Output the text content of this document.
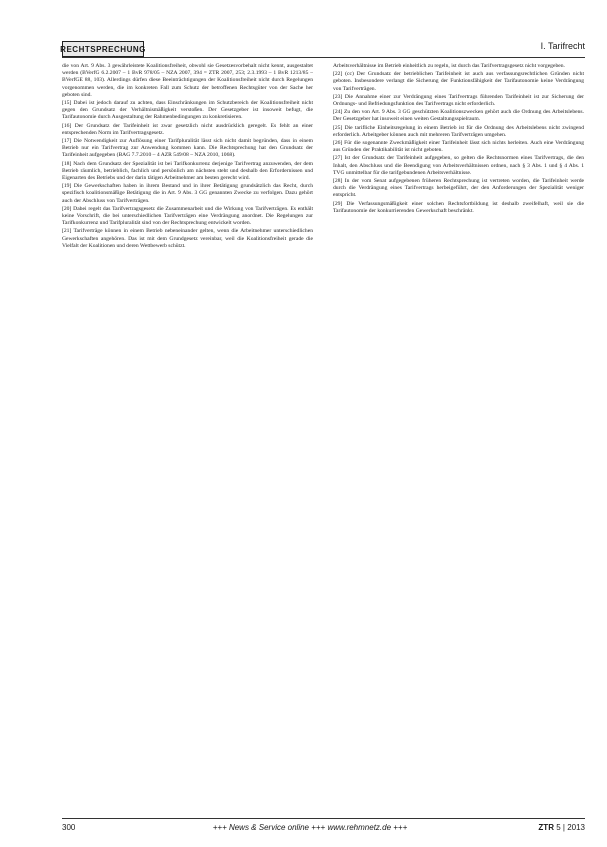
RECHTSPRECHUNG	I. Tarifrecht

die von Art. 9 Abs. 3 gewährleistete Koalitionsfreiheit, obwohl sie Gesetzesvorbehalt nicht kennt, ausgestaltet werden (BVerfG 6.2.2007 – 1 BvR 978/05 – NZA 2007, 394 = ZTR 2007, 253; 2.3.1993 – 1 BvR 1213/85 – BVerfGE 88, 103). Allerdings dürfen diese Beeinträchtigungen der Koalitionsfreiheit nicht durch Regelungen vorgenommen werden, die im konkreten Fall zum Schutz der betroffenen Rechtsgüter von der Sache her geboten sind.

[15] Dabei ist jedoch darauf zu achten, dass Einschränkungen im Schutzbereich der Koalitionsfreiheit nicht gegen den Grundsatz der Verhältnismäßigkeit verstoßen. Der Gesetzgeber ist insoweit befugt, die Tarifautonomie durch Ausgestaltung der Rahmenbedingungen zu konkretisieren.

[16] Der Grundsatz der Tarifeinheit ist zwar gesetzlich nicht ausdrücklich geregelt. Es fehlt an einer entsprechenden Norm im Tarifvertragsgesetz.

[17] Die Notwendigkeit zur Auflösung einer Tarifpluralität lässt sich nicht damit begründen, dass in einem Betrieb nur ein Tarifvertrag zur Anwendung kommen kann. Die Rechtsprechung hat den Grundsatz der Tarifeinheit aufgegeben (BAG 7.7.2010 – 4 AZR 549/08 – NZA 2010, 1068).

[18] Nach dem Grundsatz der Spezialität ist bei Tarifkonkurrenz derjenige Tarifvertrag anzuwenden, der dem Betrieb räumlich, betrieblich, fachlich und persönlich am nächsten steht und deshalb den Erfordernissen und Eigenarten des Betriebs und der darin tätigen Arbeitnehmer am besten gerecht wird.

[19] Die Gewerkschaften haben in ihrem Bestand und in ihrer Betätigung grundsätzlich das Recht, durch spezifisch koalitionsmäßige Betätigung die in Art. 9 Abs. 3 GG genannten Zwecke zu verfolgen. Dazu gehört auch der Abschluss von Tarifverträgen.

[20] Dabei regelt das Tarifvertragsgesetz die Zusammenarbeit und die Wirkung von Tarifverträgen. Es enthält keine Vorschrift, die bei unterschiedlichen Tarifverträgen eine Verdrängung anordnet. Die Regelungen zur Tarifkonkurrenz und Tarifpluralität sind von der Rechtsprechung entwickelt worden.

[21] Tarifverträge können in einem Betrieb nebeneinander gelten, wenn die Arbeitnehmer unterschiedlichen Gewerkschaften angehören. Das ist mit dem Grundgesetz vereinbar, weil die Koalitionsfreiheit gerade die Vielfalt der Koalitionen und deren Wettbewerb schützt.

Arbeitsverhältnisse im Betrieb einheitlich zu regeln, ist durch das Tarifvertragsgesetz nicht vorgegeben.

[22] (cc) Der Grundsatz der betrieblichen Tarifeinheit ist auch aus verfassungsrechtlichen Gründen nicht geboten. Insbesondere verlangt die Sicherung der Funktionsfähigkeit der Tarifautonomie keine Verdrängung von Tarifverträgen.

[23] Die Annahme einer zur Verdrängung eines Tarifvertrags führenden Tarifeinheit ist zur Sicherung der Ordnungs- und Befriedungsfunktion des Tarifvertrags nicht erforderlich.

[24] Zu den von Art. 9 Abs. 3 GG geschützten Koalitionszwecken gehört auch die Ordnung des Arbeitslebens. Der Gesetzgeber hat insoweit einen weiten Gestaltungsspielraum.

[25] Die tarifliche Einheitsregelung in einem Betrieb ist für die Ordnung des Arbeitslebens nicht zwingend erforderlich. Arbeitgeber können auch mit mehreren Tarifverträgen umgehen.

[26] Für die sogenannte Zweckmäßigkeit einer Tarifeinheit lässt sich nichts herleiten. Auch eine Verdrängung aus Gründen der Praktikabilität ist nicht geboten.

[27] Ist der Grundsatz der Tarifeinheit aufgegeben, so gelten die Rechtsnormen eines Tarifvertrags, die den Inhalt, den Abschluss und die Beendigung von Arbeitsverhältnissen ordnen, nach § 3 Abs. 1 und § 4 Abs. 1 TVG unmittelbar für die tarifgebundenen Arbeitsverhältnisse.

[28] In der vom Senat aufgegebenen früheren Rechtsprechung ist vertreten worden, die Tarifeinheit werde durch die Verdrängung eines Tarifvertrags herbeigeführt, der den Anforderungen der Spezialität weniger entspricht.

[29] Die Verfassungsmäßigkeit einer solchen Rechtsfortbildung ist deshalb zweifelhaft, weil sie die Tarifautonomie der konkurrierenden Gewerkschaft beschränkt.

300	+++ News & Service online +++ www.rehmnetz.de +++	ZTR 5 | 2013
